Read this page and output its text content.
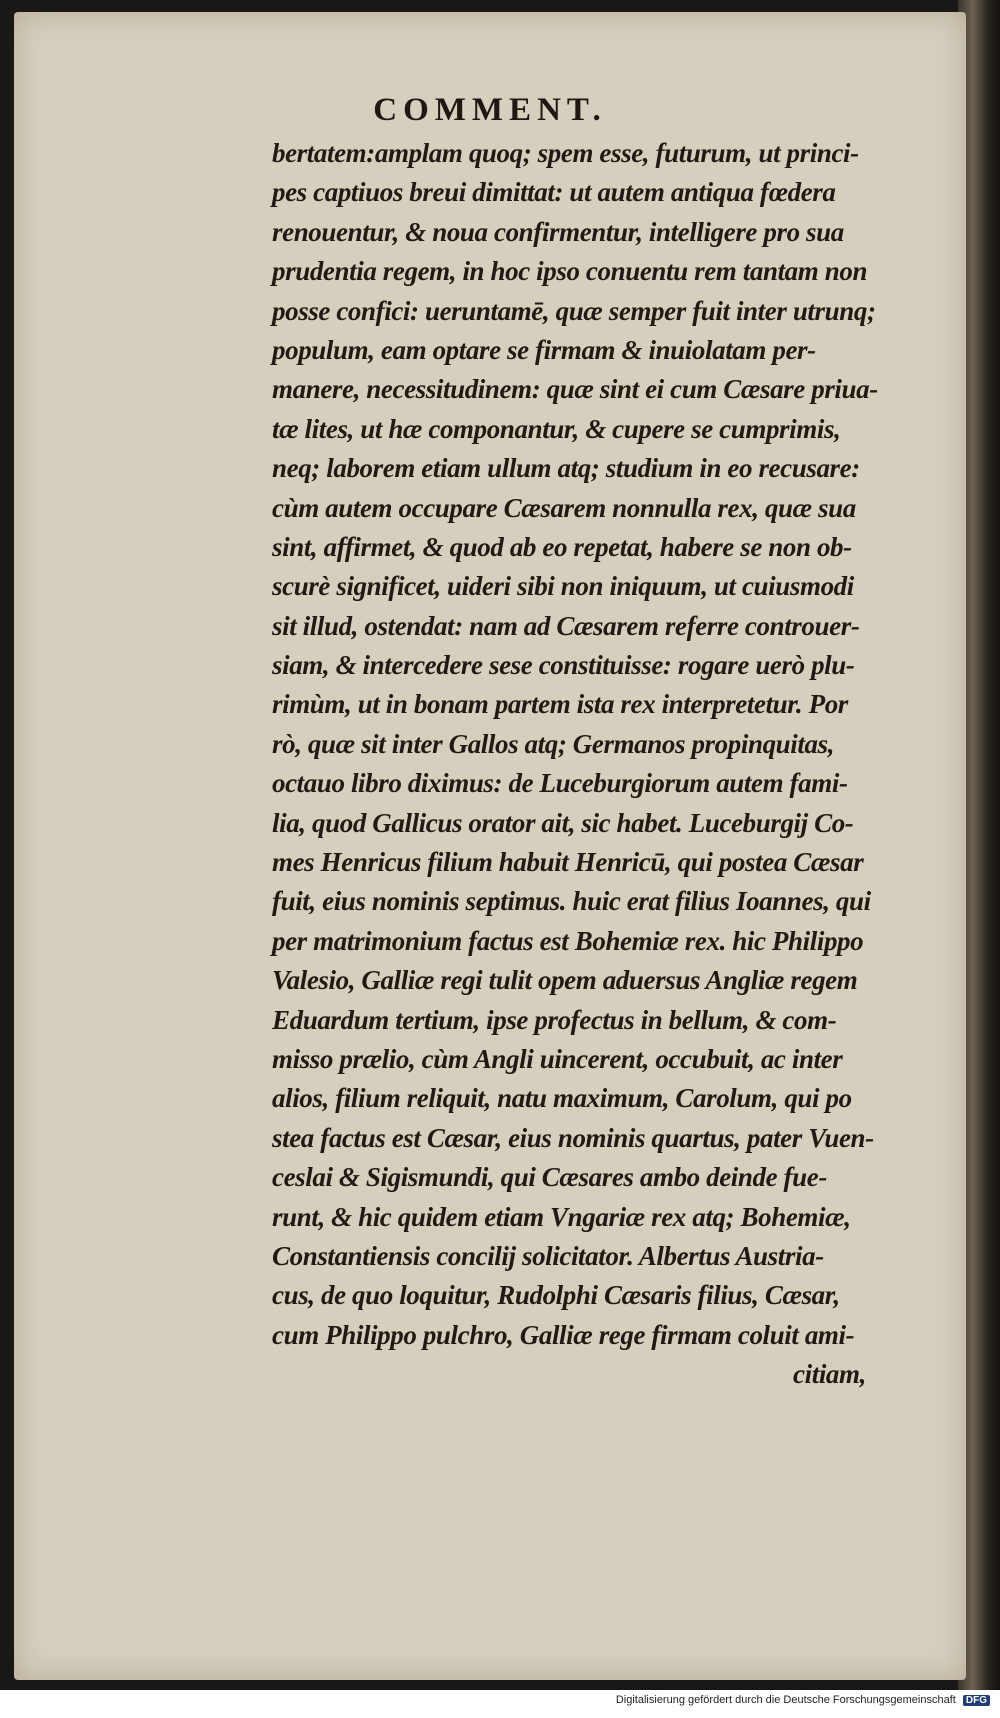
COMMENT.
bertatem:amplam quoq; spem esse, futurum, ut princi-
pes captiuos breui dimittat: ut autem antiqua fœdera
renouentur, & noua confirmentur, intelligere pro sua
prudentia regem, in hoc ipso conuentu rem tantam non
posse confici: ueruntamē, quæ semper fuit inter utrunq;
populum, eam optare se firmam & inuiolatam per-
manere, necessitudinem: quæ sint ei cum Cæsare priua-
tæ lites, ut hæ componantur, & cupere se cumprimis,
neq; laborem etiam ullum atq; studium in eo recusare:
cùm autem occupare Cæsarem nonnulla rex, quæ sua
sint, affirmet, & quod ab eo repetat, habere se non ob-
scurè significet, uideri sibi non iniquum, ut cuiusmodi
sit illud, ostendat: nam ad Cæsarem referre controuer-
siam, & intercedere sese constituisse: rogare uerò plu-
rimùm, ut in bonam partem ista rex interpretetur. Por
rò, quæ sit inter Gallos atq; Germanos propinquitas,
octauo libro diximus: de Luceburgiorum autem fami-
lia, quod Gallicus orator ait, sic habet. Luceburgij Co-
mes Henricus filium habuit Henricū, qui postea Cæsar
fuit, eius nominis septimus. huic erat filius Ioannes, qui
per matrimonium factus est Bohemiæ rex. hic Philippo
Valesio, Galliæ regi tulit opem aduersus Angliæ regem
Eduardum tertium, ipse profectus in bellum, & com-
misso prælio, cùm Angli uincerent, occubuit, ac inter
alios, filium reliquit, natu maximum, Carolum, qui po
stea factus est Cæsar, eius nominis quartus, pater Vuen-
ceslai & Sigismundi, qui Cæsares ambo deinde fue-
runt, & hic quidem etiam Vngariæ rex atq; Bohemiæ,
Constantiensis concilij solicitator. Albertus Austria-
cus, de quo loquitur, Rudolphi Cæsaris filius, Cæsar,
cum Philippo pulchro, Galliæ rege firmam coluit ami-
citiam,
Digitalisierung gefördert durch die Deutsche Forschungsgemeinschaft DFG
